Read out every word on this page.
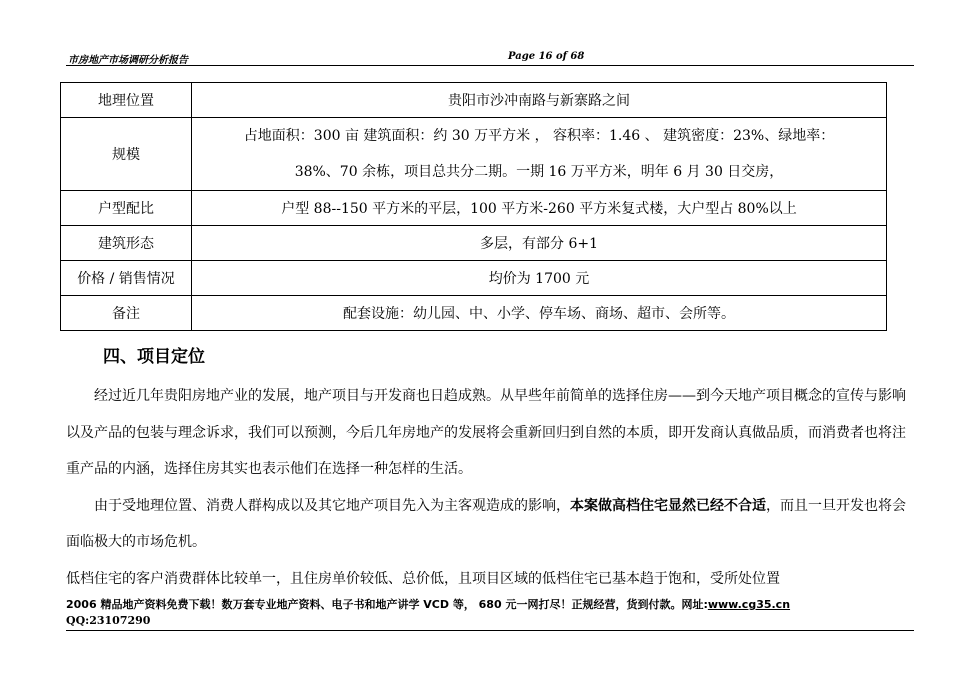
市房地产市场调研分析报告	Page 16 of 68
地理位置	贵阳市沙冲南路与新寨路之间
规模	占地面积：300 亩 建筑面积：约 30 万平方米 ， 容积率：1.46 、 建筑密度：23%、绿地率：
38%、70 余栋，项目总共分二期。一期 16 万平方米，明年 6 月 30 日交房，

户型配比	户型 88--150 平方米的平层，100 平方米-260 平方米复式楼，大户型占 80%以上
建筑形态	多层，有部分 6+1
价格 / 销售情况	均价为 1700 元
备注	配套设施：幼儿园、中、小学、停车场、商场、超市、会所等。
四、项目定位

经过近几年贵阳房地产业的发展，地产项目与开发商也日趋成熟。从早些年前简单的选择住房——到今天地产项目概念的宣传与影响以及产品的包装与理念诉求，我们可以预测，今后几年房地产的发展将会重新回归到自然的本质，即开发商认真做品质，而消费者也将注重产品的内涵，选择住房其实也表示他们在选择一种怎样的生活。

由于受地理位置、消费人群构成以及其它地产项目先入为主客观造成的影响，本案做高档住宅显然已经不合适，而且一旦开发也将会面临极大的市场危机。

低档住宅的客户消费群体比较单一，且住房单价较低、总价低，且项目区域的低档住宅已基本趋于饱和，受所处位置

2006 精品地产资料免费下载！数万套专业地产资料、电子书和地产讲学 VCD 等， 680 元一网打尽！正规经营，货到付款。网址:www.cg35.cn
QQ:23107290
